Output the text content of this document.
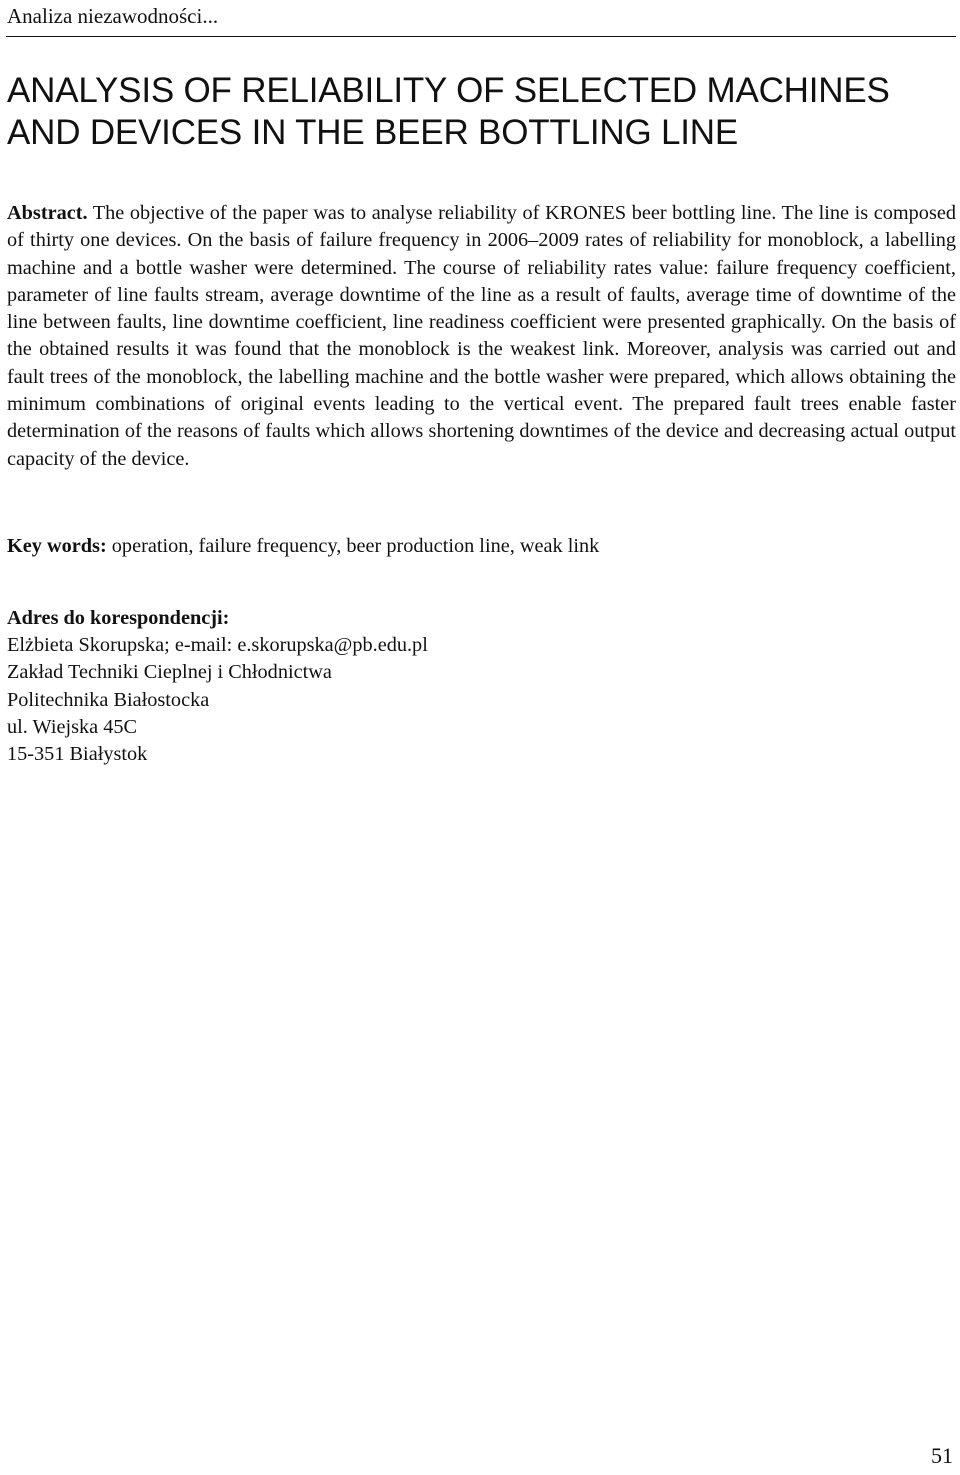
Analiza niezawodności...
ANALYSIS OF RELIABILITY OF SELECTED MACHINES
AND DEVICES IN THE BEER BOTTLING LINE

Abstract. The objective of the paper was to analyse reliability of KRONES beer bottling line. The line is composed of thirty one devices. On the basis of failure frequency in 2006–2009 rates of reliability for monoblock, a labelling machine and a bottle washer were determined. The course of reliability rates value: failure frequency coefficient, parameter of line faults stream, average downtime of the line as a result of faults, average time of downtime of the line between faults, line downtime coefficient, line readiness coefficient were presented graphically. On the basis of the obtained results it was found that the monoblock is the weakest link. Moreover, analysis was carried out and fault trees of the monoblock, the labelling machine and the bottle washer were prepared, which allows obtaining the minimum combinations of original events leading to the vertical event. The prepared fault trees enable faster determination of the reasons of faults which allows shortening downtimes of the device and decreasing actual output capacity of the device.

Key words: operation, failure frequency, beer production line, weak link

Adres do korespondencji:
Elżbieta Skorupska; e-mail: e.skorupska@pb.edu.pl
Zakład Techniki Cieplnej i Chłodnictwa
Politechnika Białostocka
ul. Wiejska 45C
15-351 Białystok
51
